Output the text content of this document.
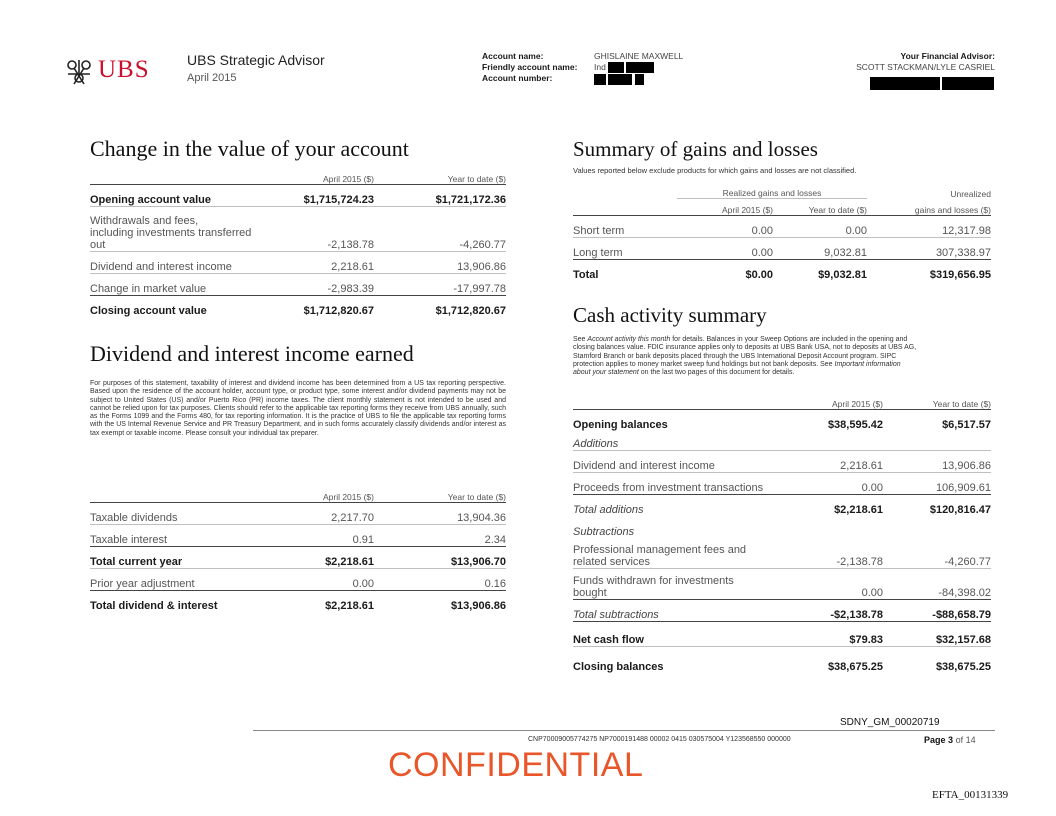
UBS	UBS Strategic Advisor
April 2015
Account name:	GHISLAINE MAXWELL
Friendly account name: Ind
Account number:
Your Financial Advisor:
SCOTT STACKMAN/LYLE CASRIEL
Change in the value of your account
	April 2015 ($)	Year to date ($)
Opening account value	$1,715,724.23	$1,721,172.36
Withdrawals and fees,
including investments transferred
out	-2,138.78	-4,260.77
Dividend and interest income	2,218.61	13,906.86
Change in market value	-2,983.39	-17,997.78
Closing account value	$1,712,820.67	$1,712,820.67
Dividend and interest income earned
For purposes of this statement, taxability of interest and dividend income has been determined from a US tax reporting perspective. Based upon the residence of the account holder, account type, or product type, some interest and/or dividend payments may not be subject to United States (US) and/or Puerto Rico (PR) income taxes. The client monthly statement is not intended to be used and cannot be relied upon for tax purposes. Clients should refer to the applicable tax reporting forms they receive from UBS annually, such as the Forms 1099 and the Forms 480, for tax reporting information. It is the practice of UBS to file the applicable tax reporting forms with the US Internal Revenue Service and PR Treasury Department, and in such forms accurately classify dividends and/or interest as tax exempt or taxable income. Please consult your individual tax preparer.
	April 2015 ($)	Year to date ($)
Taxable dividends	2,217.70	13,904.36
Taxable interest	0.91	2.34
Total current year	$2,218.61	$13,906.70
Prior year adjustment	0.00	0.16
Total dividend & interest	$2,218.61	$13,906.86
Summary of gains and losses
Values reported below exclude products for which gains and losses are not classified.
	Realized gains and losses		Unrealized
	April 2015 ($)	Year to date ($)	gains and losses ($)
Short term	0.00	0.00	12,317.98
Long term	0.00	9,032.81	307,338.97
Total	$0.00	$9,032.81	$319,656.95
Cash activity summary
See Account activity this month for details. Balances in your Sweep Options are included in the opening and
closing balances value. FDIC insurance applies only to deposits at UBS Bank USA, not to deposits at UBS AG,
Stamford Branch or bank deposits placed through the UBS International Deposit Account program. SIPC
protection applies to money market sweep fund holdings but not bank deposits. See Important information
about your statement on the last two pages of this document for details.
	April 2015 ($)	Year to date ($)
Opening balances	$38,595.42	$6,517.57
Additions		
Dividend and interest income	2,218.61	13,906.86
Proceeds from investment transactions	0.00	106,909.61
Total additions	$2,218.61	$120,816.47
Subtractions		
Professional management fees and
related services	-2,138.78	-4,260.77
Funds withdrawn for investments
bought	0.00	-84,398.02
Total subtractions	-$2,138.78	-$88,658.79
Net cash flow	$79.83	$32,157.68
Closing balances	$38,675.25	$38,675.25
SDNY_GM_00020719
CNP70009005774275 NP7000191488 00002 0415 030575004 Y123568550 000000	Page 3 of 14
CONFIDENTIAL
EFTA_00131339
